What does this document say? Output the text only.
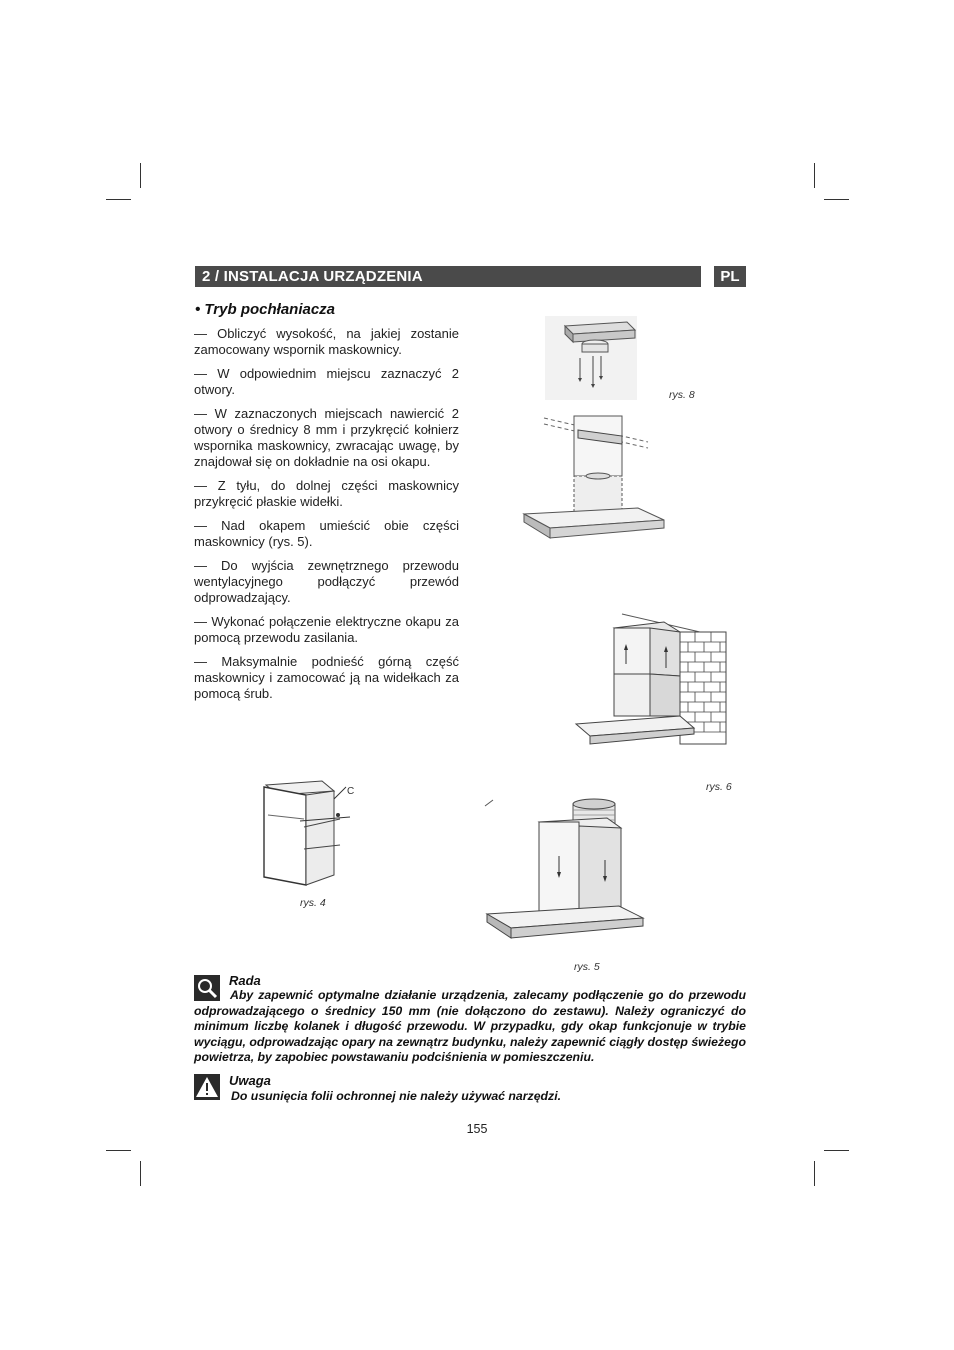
2 / INSTALACJA URZĄDZENIA	PL
• Tryb pochłaniacza
— Obliczyć wysokość, na jakiej zostanie zamocowany wspornik maskownicy.
— W odpowiednim miejscu zaznaczyć 2 otwory.
— W zaznaczonych miejscach nawiercić 2 otwory o średnicy 8 mm i przykręcić kołnierz wspornika maskownicy, zwracając uwagę, by znajdował się on dokładnie na osi okapu.
— Z tyłu, do dolnej części maskownicy przykręcić płaskie widełki.
— Nad okapem umieścić obie części maskownicy (rys. 5).
— Do wyjścia zewnętrznego przewodu wentylacyjnego podłączyć przewód odprowadzający.
— Wykonać połączenie elektryczne okapu za pomocą przewodu zasilania.
— Maksymalnie podnieść górną część maskownicy i zamocować ją na widełkach za pomocą śrub.
rys. 8
rys. 6
C
rys. 4
rys. 5
Rada

Aby zapewnić optymalne działanie urządzenia, zalecamy podłączenie go do przewodu odprowadzającego o średnicy 150 mm (nie dołączono do zestawu). Należy ograniczyć do minimum liczbę kolanek i długość przewodu. W przypadku, gdy okap funkcjonuje w trybie wyciągu, odprowadzając opary na zewnątrz budynku, należy zapewnić ciągły dostęp świeżego powietrza, by zapobiec powstawaniu podciśnienia w pomieszczeniu.

Uwaga
Do usunięcia folii ochronnej nie należy używać narzędzi.
155
